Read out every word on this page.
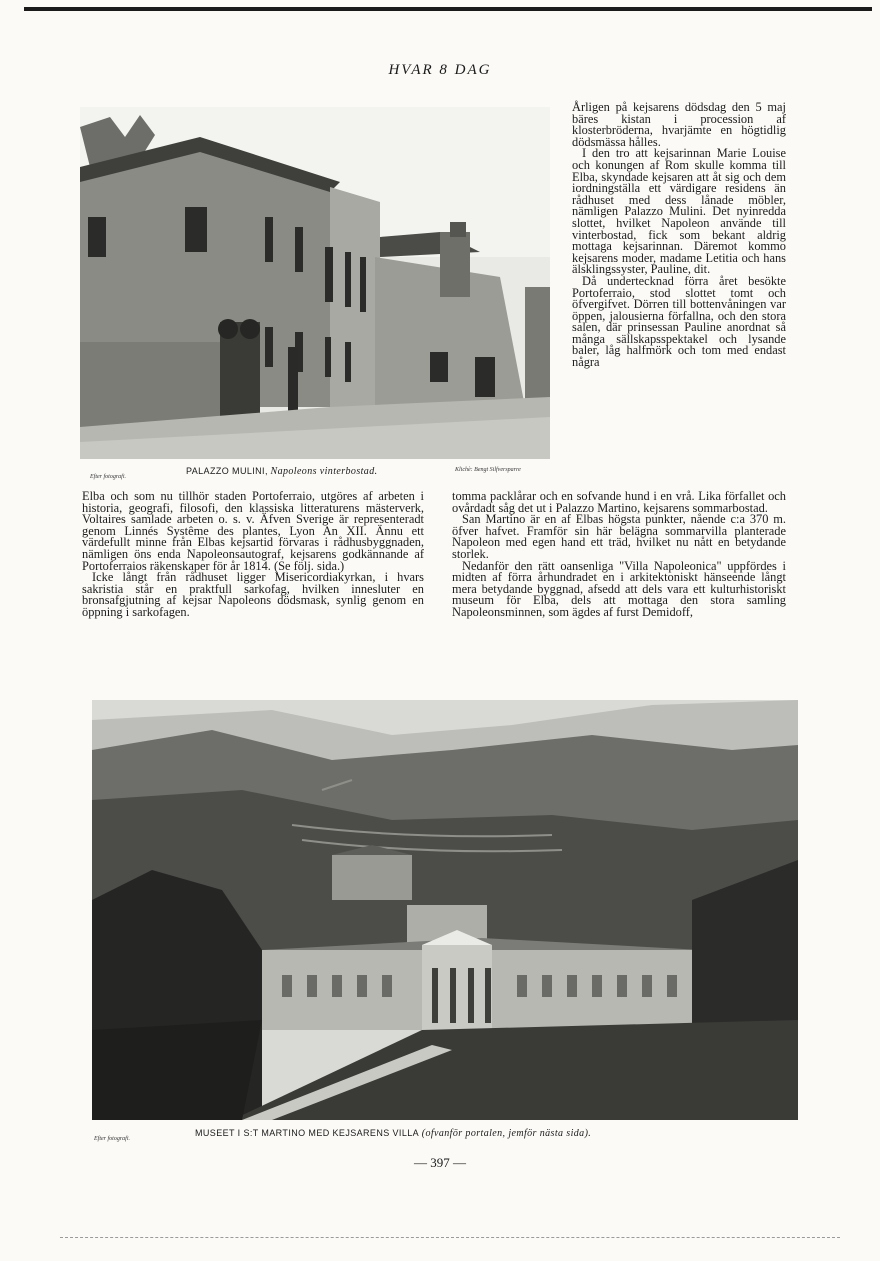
HVAR 8 DAG
Efter fotografi.
PALAZZO MULINI, Napoleons vinterbostad.	Klichè: Bengt Silfversparre

Årligen på kejsarens dödsdag den 5 maj bäres kistan i procession af klosterbröderna, hvarjämte en högtidlig dödsmässa hålles.

I den tro att kejsarinnan Marie Louise och konungen af Rom skulle komma till Elba, skyndade kejsaren att åt sig och dem iordningställa ett värdigare residens än rådhuset med dess lånade möbler, nämligen Palazzo Mulini. Det nyinredda slottet, hvilket Napoleon använde till vinterbostad, fick som bekant aldrig mottaga kejsarinnan. Däremot kommo kejsarens moder, madame Letitia och hans älsklingssyster, Pauline, dit.

Då undertecknad förra året besökte Portoferraio, stod slottet tomt och öfvergifvet. Dörren till bottenvåningen var öppen, jalousierna förfallna, och den stora salen, där prinsessan Pauline anordnat så många sällskapsspektakel och lysande baler, låg halfmörk och tom med endast några

Elba och som nu tillhör staden Portoferraio, utgöres af arbeten i historia, geografi, filosofi, den klassiska litteraturens mästerverk, Voltaires samlade arbeten o. s. v. Äfven Sverige är representeradt genom Linnés Systême des plantes, Lyon An XII. Ännu ett värdefullt minne från Elbas kejsartid förvaras i rådhusbyggnaden, nämligen öns enda Napoleonsautograf, kejsarens godkännande af Portoferraios räkenskaper för år 1814. (Se följ. sida.)

Icke långt från rådhuset ligger Misericordiakyrkan, i hvars sakristia står en praktfull sarkofag, hvilken innesluter en bronsafgjutning af kejsar Napoleons dödsmask, synlig genom en öppning i sarkofagen.

tomma packlårar och en sofvande hund i en vrå. Lika förfallet och ovårdadt såg det ut i Palazzo Martino, kejsarens sommarbostad.

San Martino är en af Elbas högsta punkter, nående c:a 370 m. öfver hafvet. Framför sin här belägna sommarvilla planterade Napoleon med egen hand ett träd, hvilket nu nått en betydande storlek.

Nedanför den rätt oansenliga "Villa Napoleonica" uppfördes i midten af förra århundradet en i arkitektoniskt hänseende långt mera betydande byggnad, afsedd att dels vara ett kulturhistoriskt museum för Elba, dels att mottaga den stora samling Napoleonsminnen, som ägdes af furst Demidoff,

Efter fotografi.
MUSEET I S:T MARTINO MED KEJSARENS VILLA (ofvanför portalen, jemför nästa sida).
— 397 —
